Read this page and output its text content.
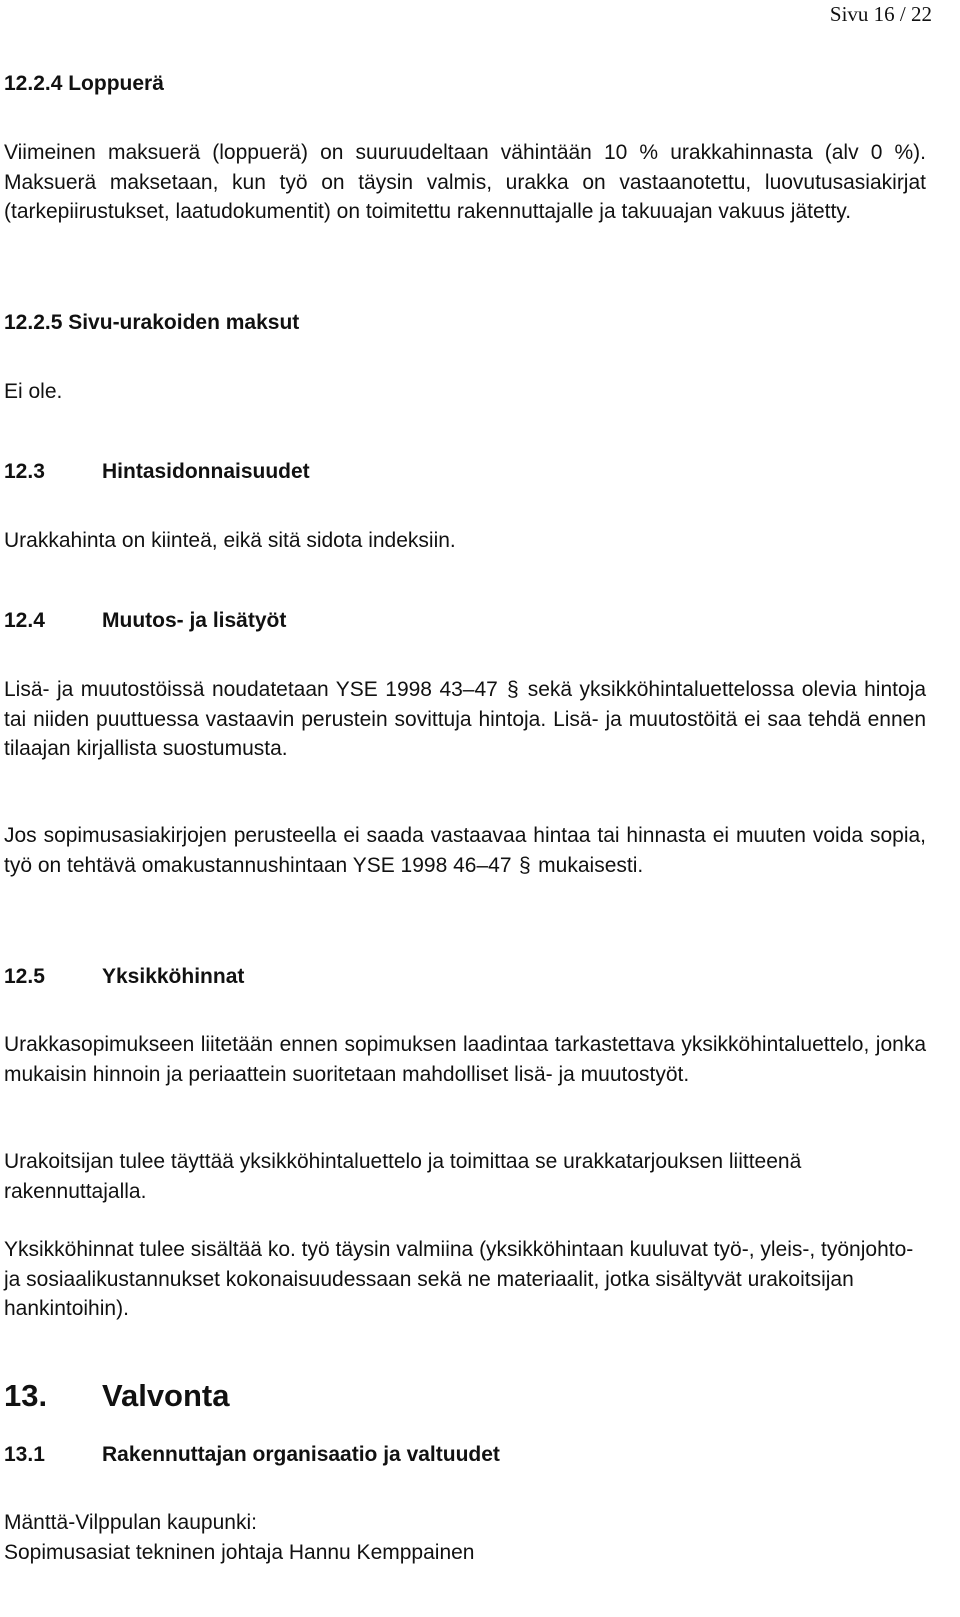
Sivu 16 / 22
12.2.4 Loppuerä

Viimeinen maksuerä (loppuerä) on suuruudeltaan vähintään 10 % urakkahinnasta (alv 0 %). Maksuerä maksetaan, kun työ on täysin valmis, urakka on vastaanotettu, luovutusasiakirjat (tarkepiirustukset, laatudokumentit) on toimitettu rakennuttajalle ja takuuajan vakuus jätetty.

12.2.5 Sivu-urakoiden maksut

Ei ole.

12.3	Hintasidonnaisuudet

Urakkahinta on kiinteä, eikä sitä sidota indeksiin.

12.4	Muutos- ja lisätyöt

Lisä- ja muutostöissä noudatetaan YSE 1998 43–47 § sekä yksikköhintaluettelossa olevia hintoja tai niiden puuttuessa vastaavin perustein sovittuja hintoja. Lisä- ja muutostöitä ei saa tehdä ennen tilaajan kirjallista suostumusta.

Jos sopimusasiakirjojen perusteella ei saada vastaavaa hintaa tai hinnasta ei muuten voida sopia, työ on tehtävä omakustannushintaan YSE 1998 46–47 § mukaisesti.

12.5	Yksikköhinnat

Urakkasopimukseen liitetään ennen sopimuksen laadintaa tarkastettava yksikköhintaluettelo, jonka mukaisin hinnoin ja periaattein suoritetaan mahdolliset lisä- ja muutostyöt.

Urakoitsijan tulee täyttää yksikköhintaluettelo ja toimittaa se urakkatarjouksen liitteenä rakennuttajalla.

Yksikköhinnat tulee sisältää ko. työ täysin valmiina (yksikköhintaan kuuluvat työ-, yleis-, työnjohto- ja sosiaalikustannukset kokonaisuudessaan sekä ne materiaalit, jotka sisältyvät urakoitsijan hankintoihin).

13. Valvonta
13.1	Rakennuttajan organisaatio ja valtuudet

Mänttä-Vilppulan kaupunki:

Sopimusasiat tekninen johtaja Hannu Kemppainen
